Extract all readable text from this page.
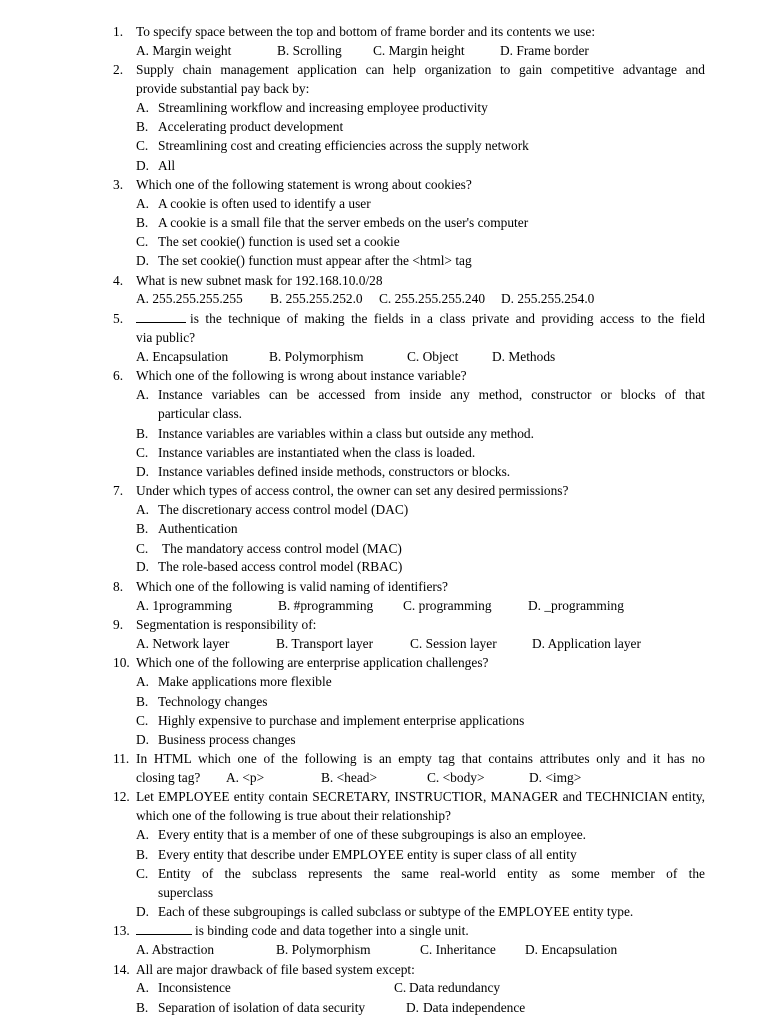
1. To specify space between the top and bottom of frame border and its contents we use:
A. Margin weight	B. Scrolling C. Margin height	D. Frame border
2. Supply chain management application can help organization to gain competitive advantage and
provide substantial pay back by:
A. Streamlining workflow and increasing employee productivity
B. Accelerating product development
C. Streamlining cost and creating efficiencies across the supply network
D. All
3. Which one of the following statement is wrong about cookies?
A. A cookie is often used to identify a user
B. A cookie is a small file that the server embeds on the user's computer
C. The set cookie() function is used set a cookie
D. The set cookie() function must appear after the <html> tag
4. What is new subnet mask for 192.168.10.0/28
A. 255.255.255.255 B. 255.255.252.0 C. 255.255.255.240 D. 255.255.254.0
5.	is the technique of making the fields in a class private and providing access to the field
via public?
A. Encapsulation	B. Polymorphism	C. Object	D. Methods
6. Which one of the following is wrong about instance variable?
A. Instance variables can be accessed from inside any method, constructor or blocks of that
particular class.
B. Instance variables are variables within a class but outside any method.
C. Instance variables are instantiated when the class is loaded.
D. Instance variables defined inside methods, constructors or blocks.
7. Under which types of access control, the owner can set any desired permissions?
A. The discretionary access control model (DAC)
B. Authentication
C. The mandatory access control model (MAC)
D. The role-based access control model (RBAC)
8. Which one of the following is valid naming of identifiers?
A. 1programming	B. #programming C. programming	D. _programming
9. Segmentation is responsibility of:
A. Network layer	B. Transport layer	C. Session layer	D. Application layer
10. Which one of the following are enterprise application challenges?
A. Make applications more flexible
B. Technology changes
C. Highly expensive to purchase and implement enterprise applications
D. Business process changes
11. In HTML which one of the following is an empty tag that contains attributes only and it has no
closing tag? A. <p>	B. <head>	C. <body>	D. <img>
12. Let EMPLOYEE entity contain SECRETARY, INSTRUCTIOR, MANAGER and TECHNICIAN entity,
which one of the following is true about their relationship?
A. Every entity that is a member of one of these subgroupings is also an employee.
B. Every entity that describe under EMPLOYEE entity is super class of all entity
C. Entity of the subclass represents the same real-world entity as some member of the
superclass
D. Each of these subgroupings is called subclass or subtype of the EMPLOYEE entity type.
13.	is binding code and data together into a single unit.
A. Abstraction	B. Polymorphism	C. Inheritance D. Encapsulation
14. All are major drawback of file based system except:
A. Inconsistence	C. Data redundancy
B. Separation of isolation of data security	D. Data independence
